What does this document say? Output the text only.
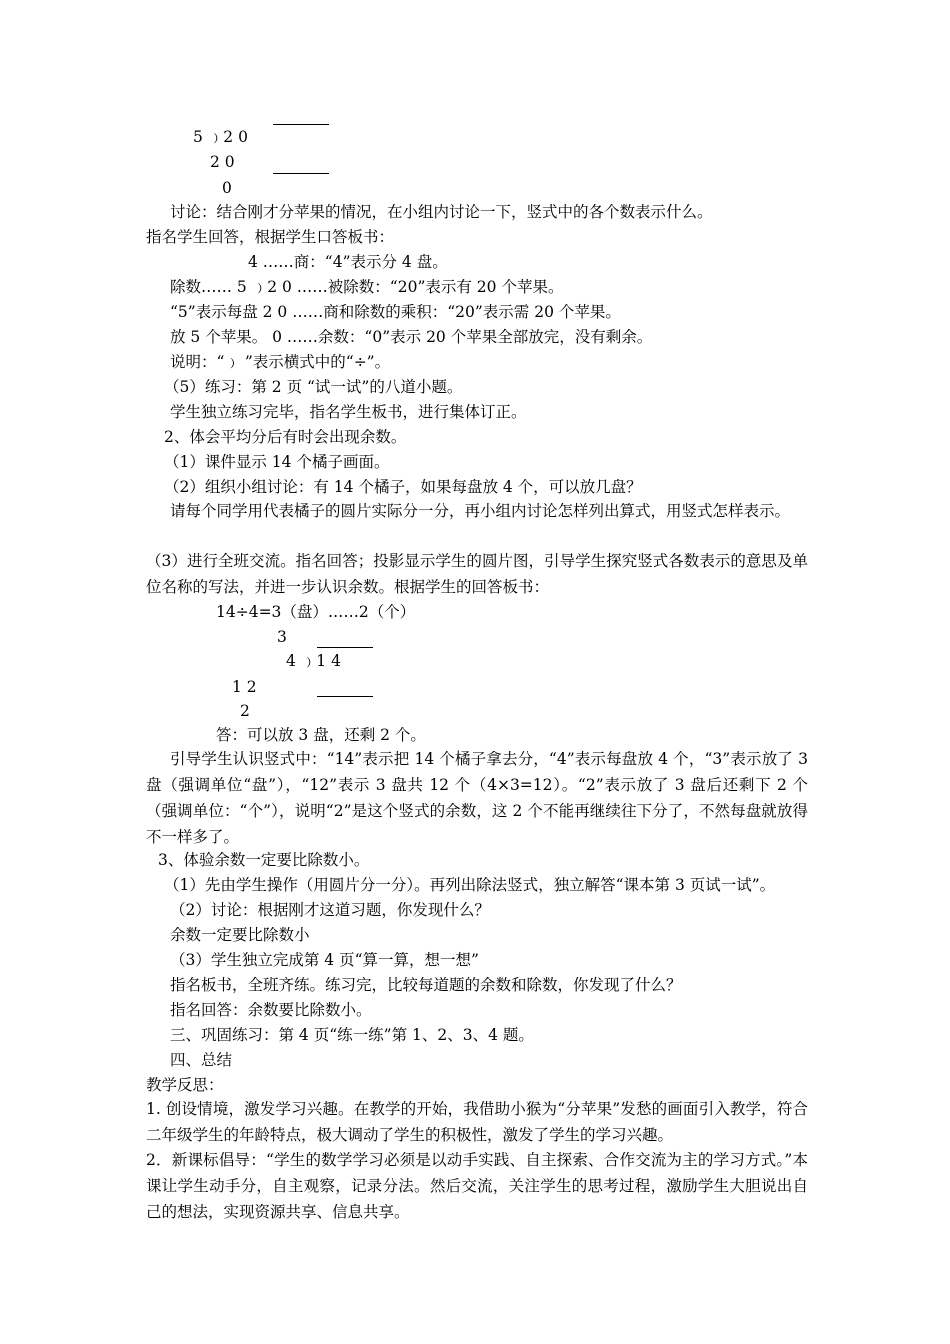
5 ﹚2 0
2 0
0
讨论：结合刚才分苹果的情况，在小组内讨论一下，竖式中的各个数表示什么。
指名学生回答，根据学生口答板书：
4 ……商：“4”表示分 4 盘。
除数…… 5 ﹚2 0 ……被除数：“20”表示有 20 个苹果。
“5”表示每盘 2 0 ……商和除数的乘积：“20”表示需 20 个苹果。
放 5 个苹果。 0 ……余数：“0”表示 20 个苹果全部放完，没有剩余。
说明：“﹚ ”表示横式中的“÷”。
（5）练习：第 2 页 “试一试”的八道小题。
学生独立练习完毕，指名学生板书，进行集体订正。
2、体会平均分后有时会出现余数。
（1）课件显示 14 个橘子画面。
（2）组织小组讨论：有 14 个橘子，如果每盘放 4 个，可以放几盘？
请每个同学用代表橘子的圆片实际分一分，再小组内讨论怎样列出算式，用竖式怎样表示。
（3）进行全班交流。指名回答；投影显示学生的圆片图，引导学生探究竖式各数表示的意思及单位名称的写法，并进一步认识余数。根据学生的回答板书：
14÷4=3（盘）……2（个）
3
4 ﹚1 4
1 2
2
答：可以放 3 盘，还剩 2 个。
引导学生认识竖式中：“14”表示把 14 个橘子拿去分，“4”表示每盘放 4 个，“3”表示放了 3 盘（强调单位“盘”），“12”表示 3 盘共 12 个（4×3=12）。“2”表示放了 3 盘后还剩下 2 个（强调单位：“个”），说明“2”是这个竖式的余数，这 2 个不能再继续往下分了，不然每盘就放得不一样多了。
3、体验余数一定要比除数小。
（1）先由学生操作（用圆片分一分）。再列出除法竖式，独立解答“课本第 3 页试一试”。
（2）讨论：根据刚才这道习题，你发现什么？
余数一定要比除数小
（3）学生独立完成第 4 页“算一算，想一想”
指名板书，全班齐练。练习完，比较每道题的余数和除数，你发现了什么？
指名回答：余数要比除数小。
三、巩固练习：第 4 页“练一练”第 1、2、3、4 题。
四、总结
教学反思：
1. 创设情境，激发学习兴趣。在教学的开始，我借助小猴为“分苹果”发愁的画面引入教学，符合二年级学生的年龄特点，极大调动了学生的积极性，激发了学生的学习兴趣。
2．新课标倡导：“学生的数学学习必须是以动手实践、自主探索、合作交流为主的学习方式。”本课让学生动手分，自主观察，记录分法。然后交流，关注学生的思考过程，激励学生大胆说出自己的想法，实现资源共享、信息共享。
